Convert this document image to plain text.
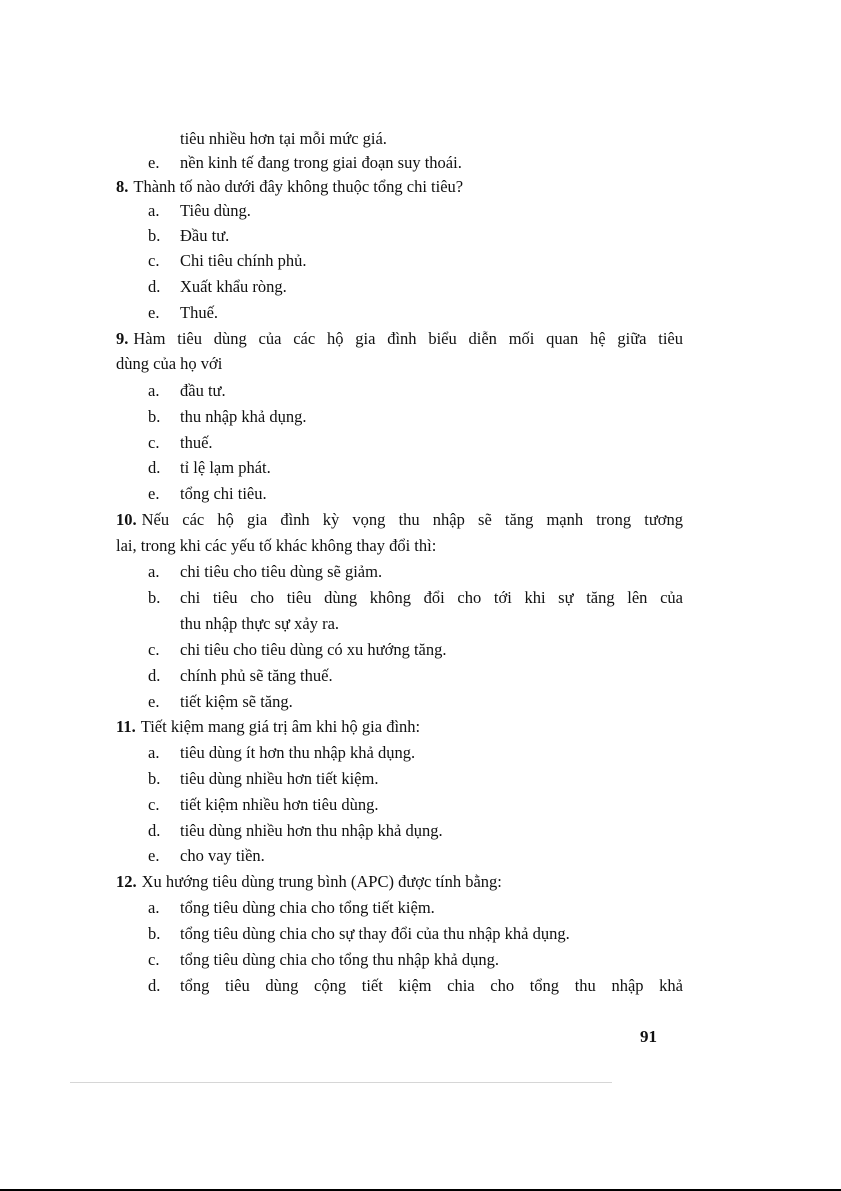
tiêu nhiều hơn tại mỗi mức giá.
e. nền kinh tế đang trong giai đoạn suy thoái.
8. Thành tố nào dưới đây không thuộc tổng chi tiêu?
a. Tiêu dùng.
b. Đầu tư.
c. Chi tiêu chính phủ.
d. Xuất khẩu ròng.
e. Thuế.
9. Hàm tiêu dùng của các hộ gia đình biểu diễn mối quan hệ giữa tiêu
dùng của họ với
a. đầu tư.
b. thu nhập khả dụng.
c. thuế.
d. tỉ lệ lạm phát.
e. tổng chi tiêu.
10. Nếu các hộ gia đình kỳ vọng thu nhập sẽ tăng mạnh trong tương
lai, trong khi các yếu tố khác không thay đổi thì:
a. chi tiêu cho tiêu dùng sẽ giảm.
b. chi tiêu cho tiêu dùng không đổi cho tới khi sự tăng lên của
thu nhập thực sự xảy ra.
c. chi tiêu cho tiêu dùng có xu hướng tăng.
d. chính phủ sẽ tăng thuế.
e. tiết kiệm sẽ tăng.
11. Tiết kiệm mang giá trị âm khi hộ gia đình:
a. tiêu dùng ít hơn thu nhập khả dụng.
b. tiêu dùng nhiều hơn tiết kiệm.
c. tiết kiệm nhiều hơn tiêu dùng.
d. tiêu dùng nhiều hơn thu nhập khả dụng.
e. cho vay tiền.
12. Xu hướng tiêu dùng trung bình (APC) được tính bằng:
a. tổng tiêu dùng chia cho tổng tiết kiệm.
b. tổng tiêu dùng chia cho sự thay đổi của thu nhập khả dụng.
c. tổng tiêu dùng chia cho tổng thu nhập khả dụng.
d. tổng tiêu dùng cộng tiết kiệm chia cho tổng thu nhập khả
91
